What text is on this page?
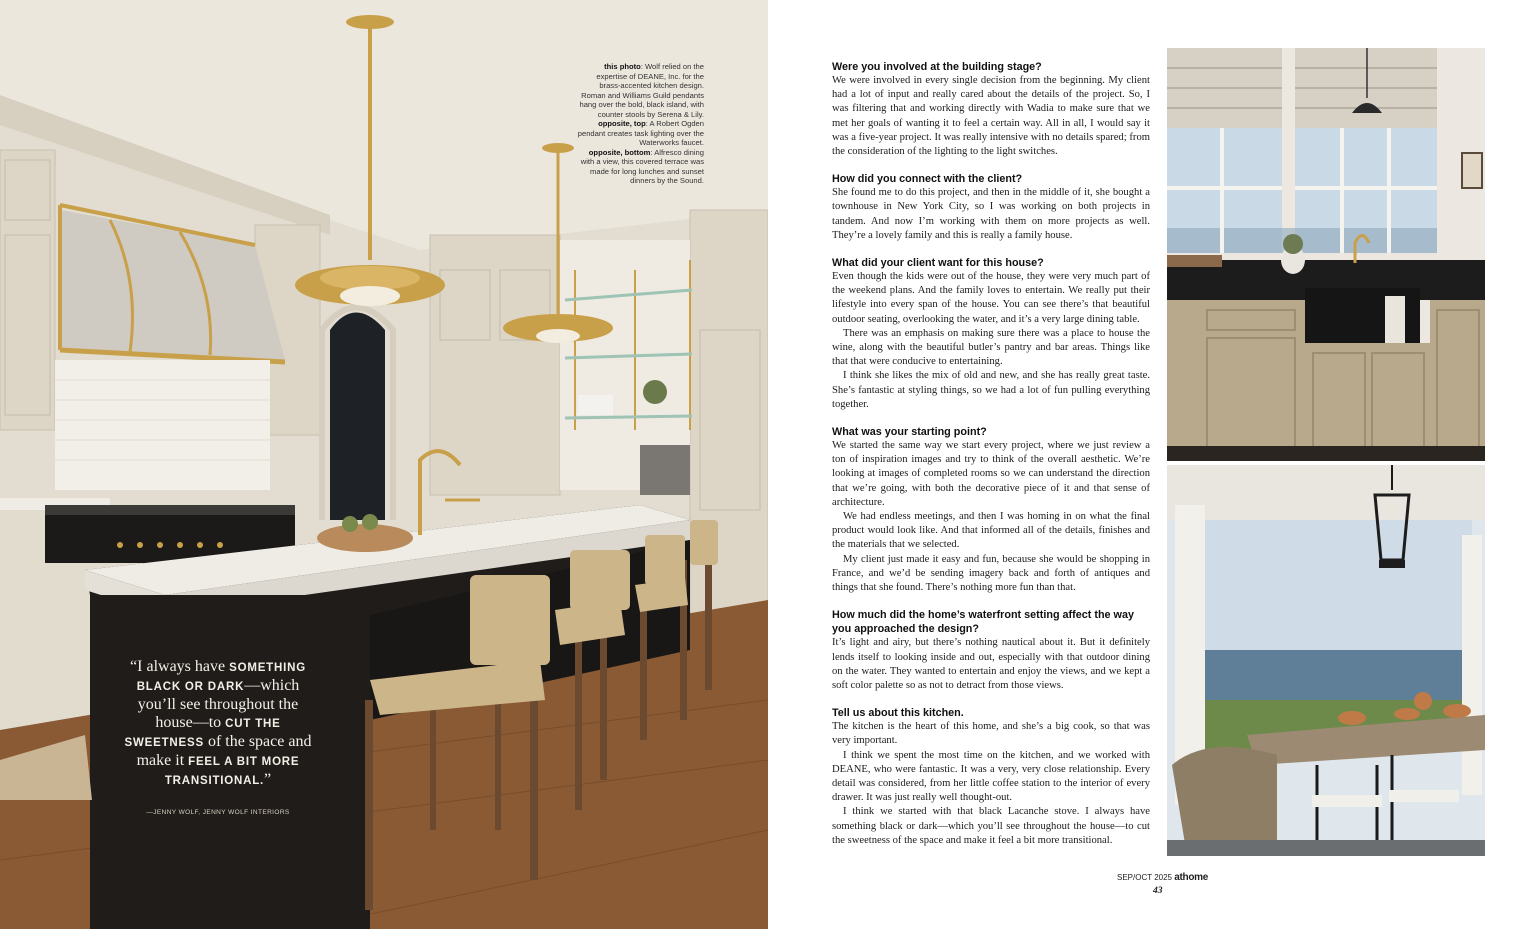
this photo: Wolf relied on the expertise of DEANE, Inc. for the brass-accented kitchen design. Roman and Williams Guild pendants hang over the bold, black island, with counter stools by Serena & Lily.
opposite, top: A Robert Ogden pendant creates task lighting over the Waterworks faucet.
opposite, bottom: Alfresco dining with a view, this covered terrace was made for long lunches and sunset dinners by the Sound.
“I always have SOMETHING BLACK OR DARK—which you’ll see throughout the house—to CUT THE SWEETNESS of the space and make it FEEL A BIT MORE TRANSITIONAL.”
—JENNY WOLF, JENNY WOLF INTERIORS
Were you involved at the building stage?

We were involved in every single decision from the beginning. My client had a lot of input and really cared about the details of the project. So, I was filtering that and working directly with Wadia to make sure that we met her goals of wanting it to feel a certain way. All in all, I would say it was a five-year project. It was really intensive with no details spared; from the consideration of the lighting to the light switches.

How did you connect with the client?

She found me to do this project, and then in the middle of it, she bought a townhouse in New York City, so I was working on both projects in tandem. And now I’m working with them on more projects as well. They’re a lovely family and this is really a family house.

What did your client want for this house?

Even though the kids were out of the house, they were very much part of the weekend plans. And the family loves to entertain. We really put their lifestyle into every span of the house. You can see there’s that beautiful outdoor seating, overlooking the water, and it’s a very large dining table.

There was an emphasis on making sure there was a place to house the wine, along with the beautiful butler’s pantry and bar areas. Things like that that were conducive to entertaining.

I think she likes the mix of old and new, and she has really great taste. She’s fantastic at styling things, so we had a lot of fun pulling everything together.

What was your starting point?

We started the same way we start every project, where we just review a ton of inspiration images and try to think of the overall aesthetic. We’re looking at images of completed rooms so we can understand the direction that we’re going, with both the decorative piece of it and that sense of architecture.

We had endless meetings, and then I was homing in on what the final product would look like. And that informed all of the details, finishes and the materials that we selected.

My client just made it easy and fun, because she would be shopping in France, and we’d be sending imagery back and forth of antiques and things that she found. There’s nothing more fun than that.

How much did the home’s waterfront setting affect the way you approached the design?

It’s light and airy, but there’s nothing nautical about it. But it definitely lends itself to looking inside and out, especially with that outdoor dining on the water. They wanted to entertain and enjoy the views, and we kept a soft color palette so as not to detract from those views.

Tell us about this kitchen.

The kitchen is the heart of this home, and she’s a big cook, so that was very important.

I think we spent the most time on the kitchen, and we worked with DEANE, who were fantastic. It was a very, very close relationship. Every detail was considered, from her little coffee station to the interior of every drawer. It was just really well thought-out.

I think we started with that black Lacanche stove. I always have something black or dark—which you’ll see throughout the house—to cut the sweetness of the space and make it feel a bit more transitional.

SEP/OCT 2025 athome
43
